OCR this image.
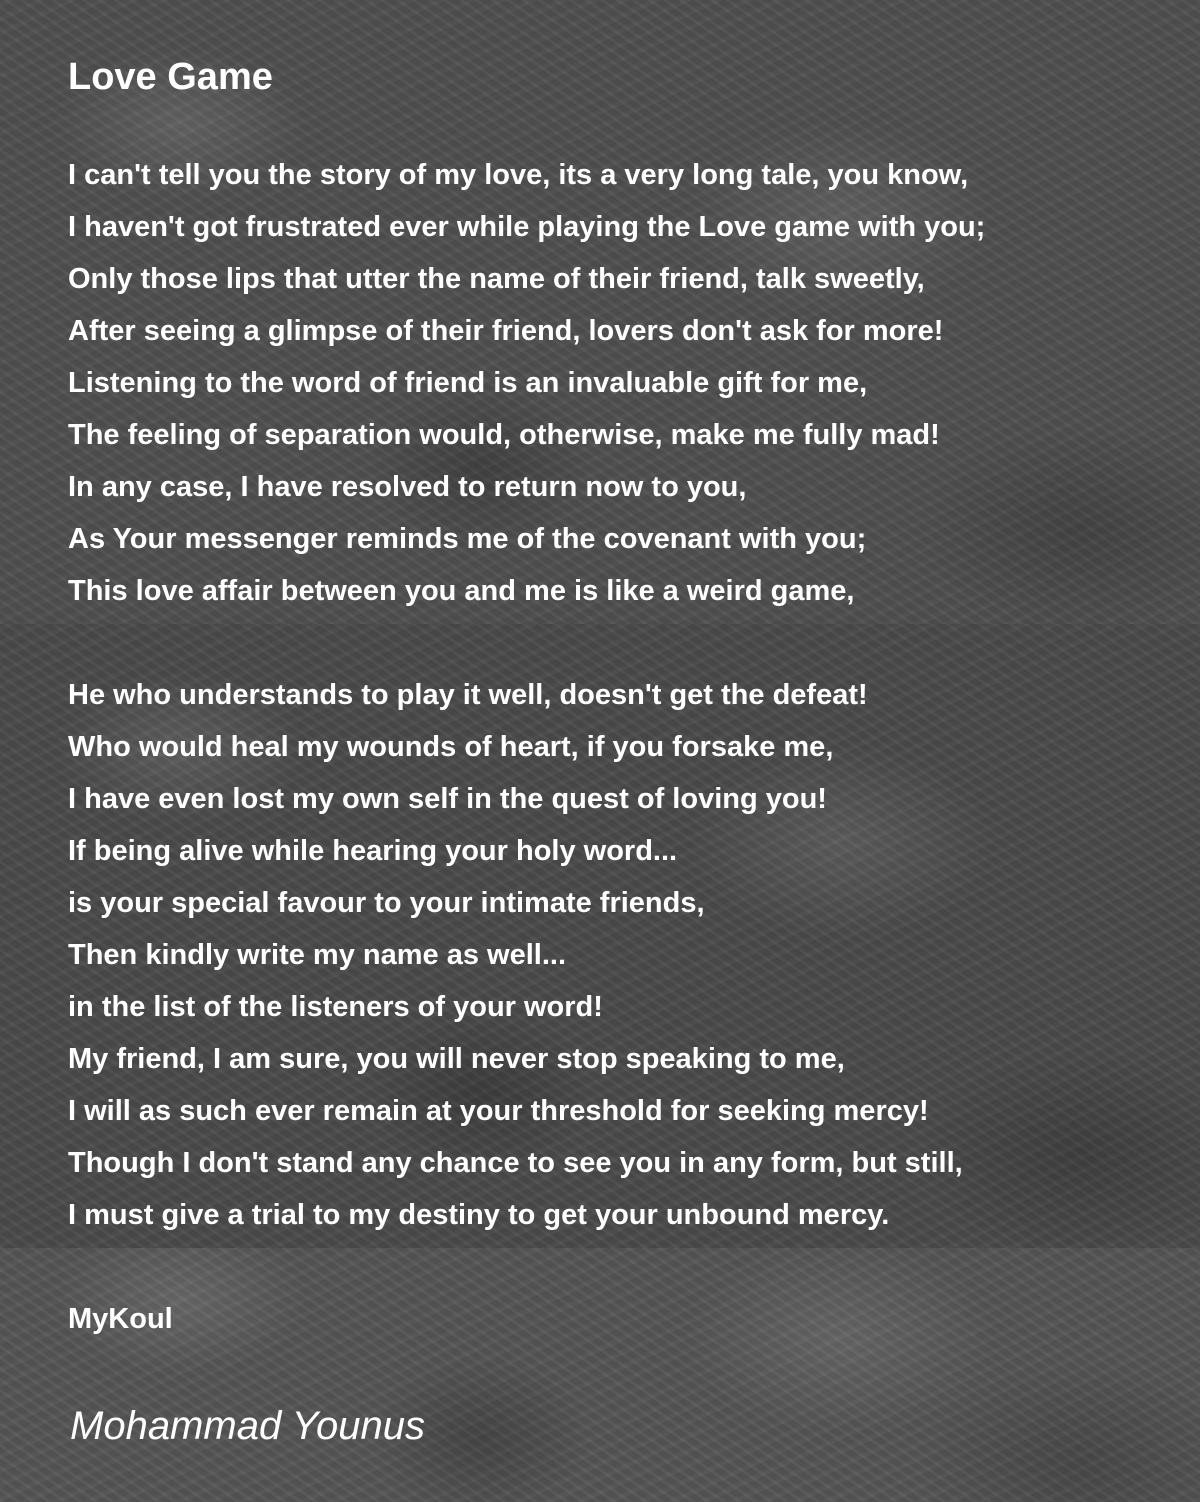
Love Game

I can't tell you the story of my love, its a very long tale, you know,

I haven't got frustrated ever while playing the Love game with you;

Only those lips that utter the name of their friend, talk sweetly,

After seeing a glimpse of their friend, lovers don't ask for more!

Listening to the word of friend is an invaluable gift for me,

The feeling of separation would, otherwise, make me fully mad!

In any case, I have resolved to return now to you,

As Your messenger reminds me of the covenant with you;

This love affair between you and me is like a weird game,

He who understands to play it well, doesn't get the defeat!

Who would heal my wounds of heart, if you forsake me,

I have even lost my own self in the quest of loving you!

If being alive while hearing your holy word...

is your special favour to your intimate friends,

Then kindly write my name as well...

in the list of the listeners of your word!

My friend, I am sure, you will never stop speaking to me,

I will as such ever remain at your threshold for seeking mercy!

Though I don't stand any chance to see you in any form, but still,

I must give a trial to my destiny to get your unbound mercy.

MyKoul

Mohammad Younus
